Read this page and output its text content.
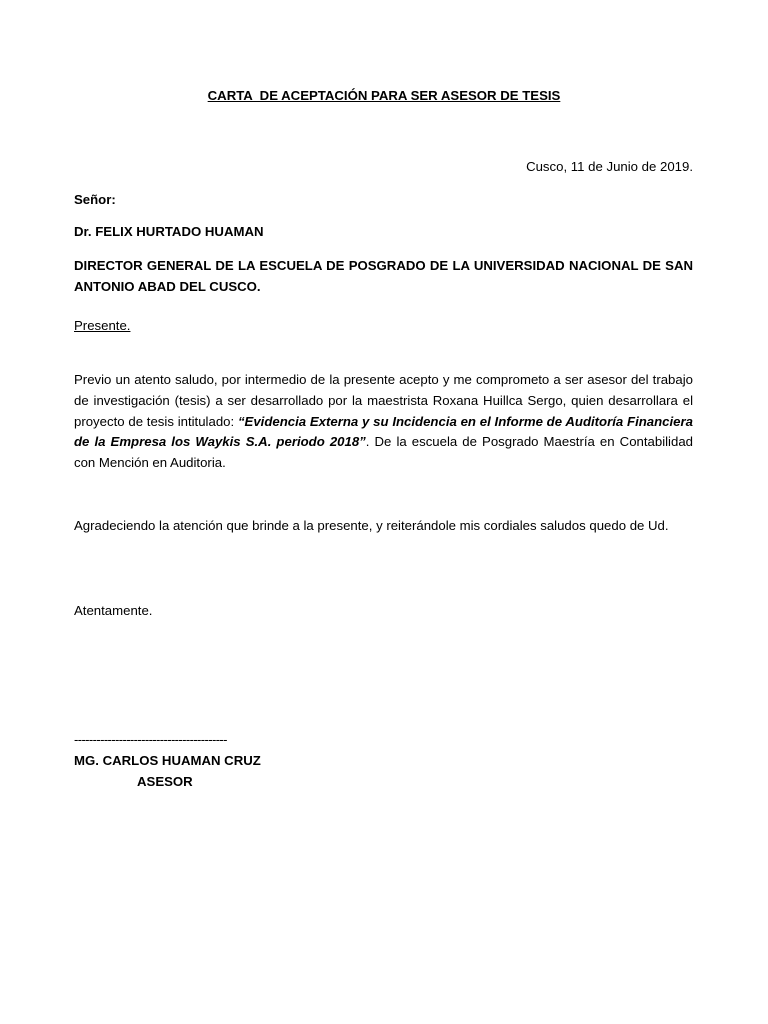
CARTA  DE ACEPTACIÓN PARA SER ASESOR DE TESIS
Cusco, 11 de Junio de 2019.
Señor:
Dr. FELIX HURTADO HUAMAN
DIRECTOR GENERAL DE LA ESCUELA DE POSGRADO DE LA UNIVERSIDAD NACIONAL DE SAN ANTONIO ABAD DEL CUSCO.
Presente.
Previo un atento saludo, por intermedio de la presente acepto y me comprometo a ser asesor del trabajo de investigación (tesis) a ser desarrollado por la maestrista Roxana Huillca Sergo, quien desarrollara el proyecto de tesis intitulado: “Evidencia Externa y su Incidencia en el Informe de Auditoría Financiera de la Empresa los Waykis S.A. periodo 2018”. De la escuela de Posgrado Maestría en Contabilidad con Mención en Auditoria.
Agradeciendo la atención que brinde a la presente, y reiterándole mis cordiales saludos quedo de Ud.
Atentamente.
-----------------------------------------
MG. CARLOS HUAMAN CRUZ
ASESOR
